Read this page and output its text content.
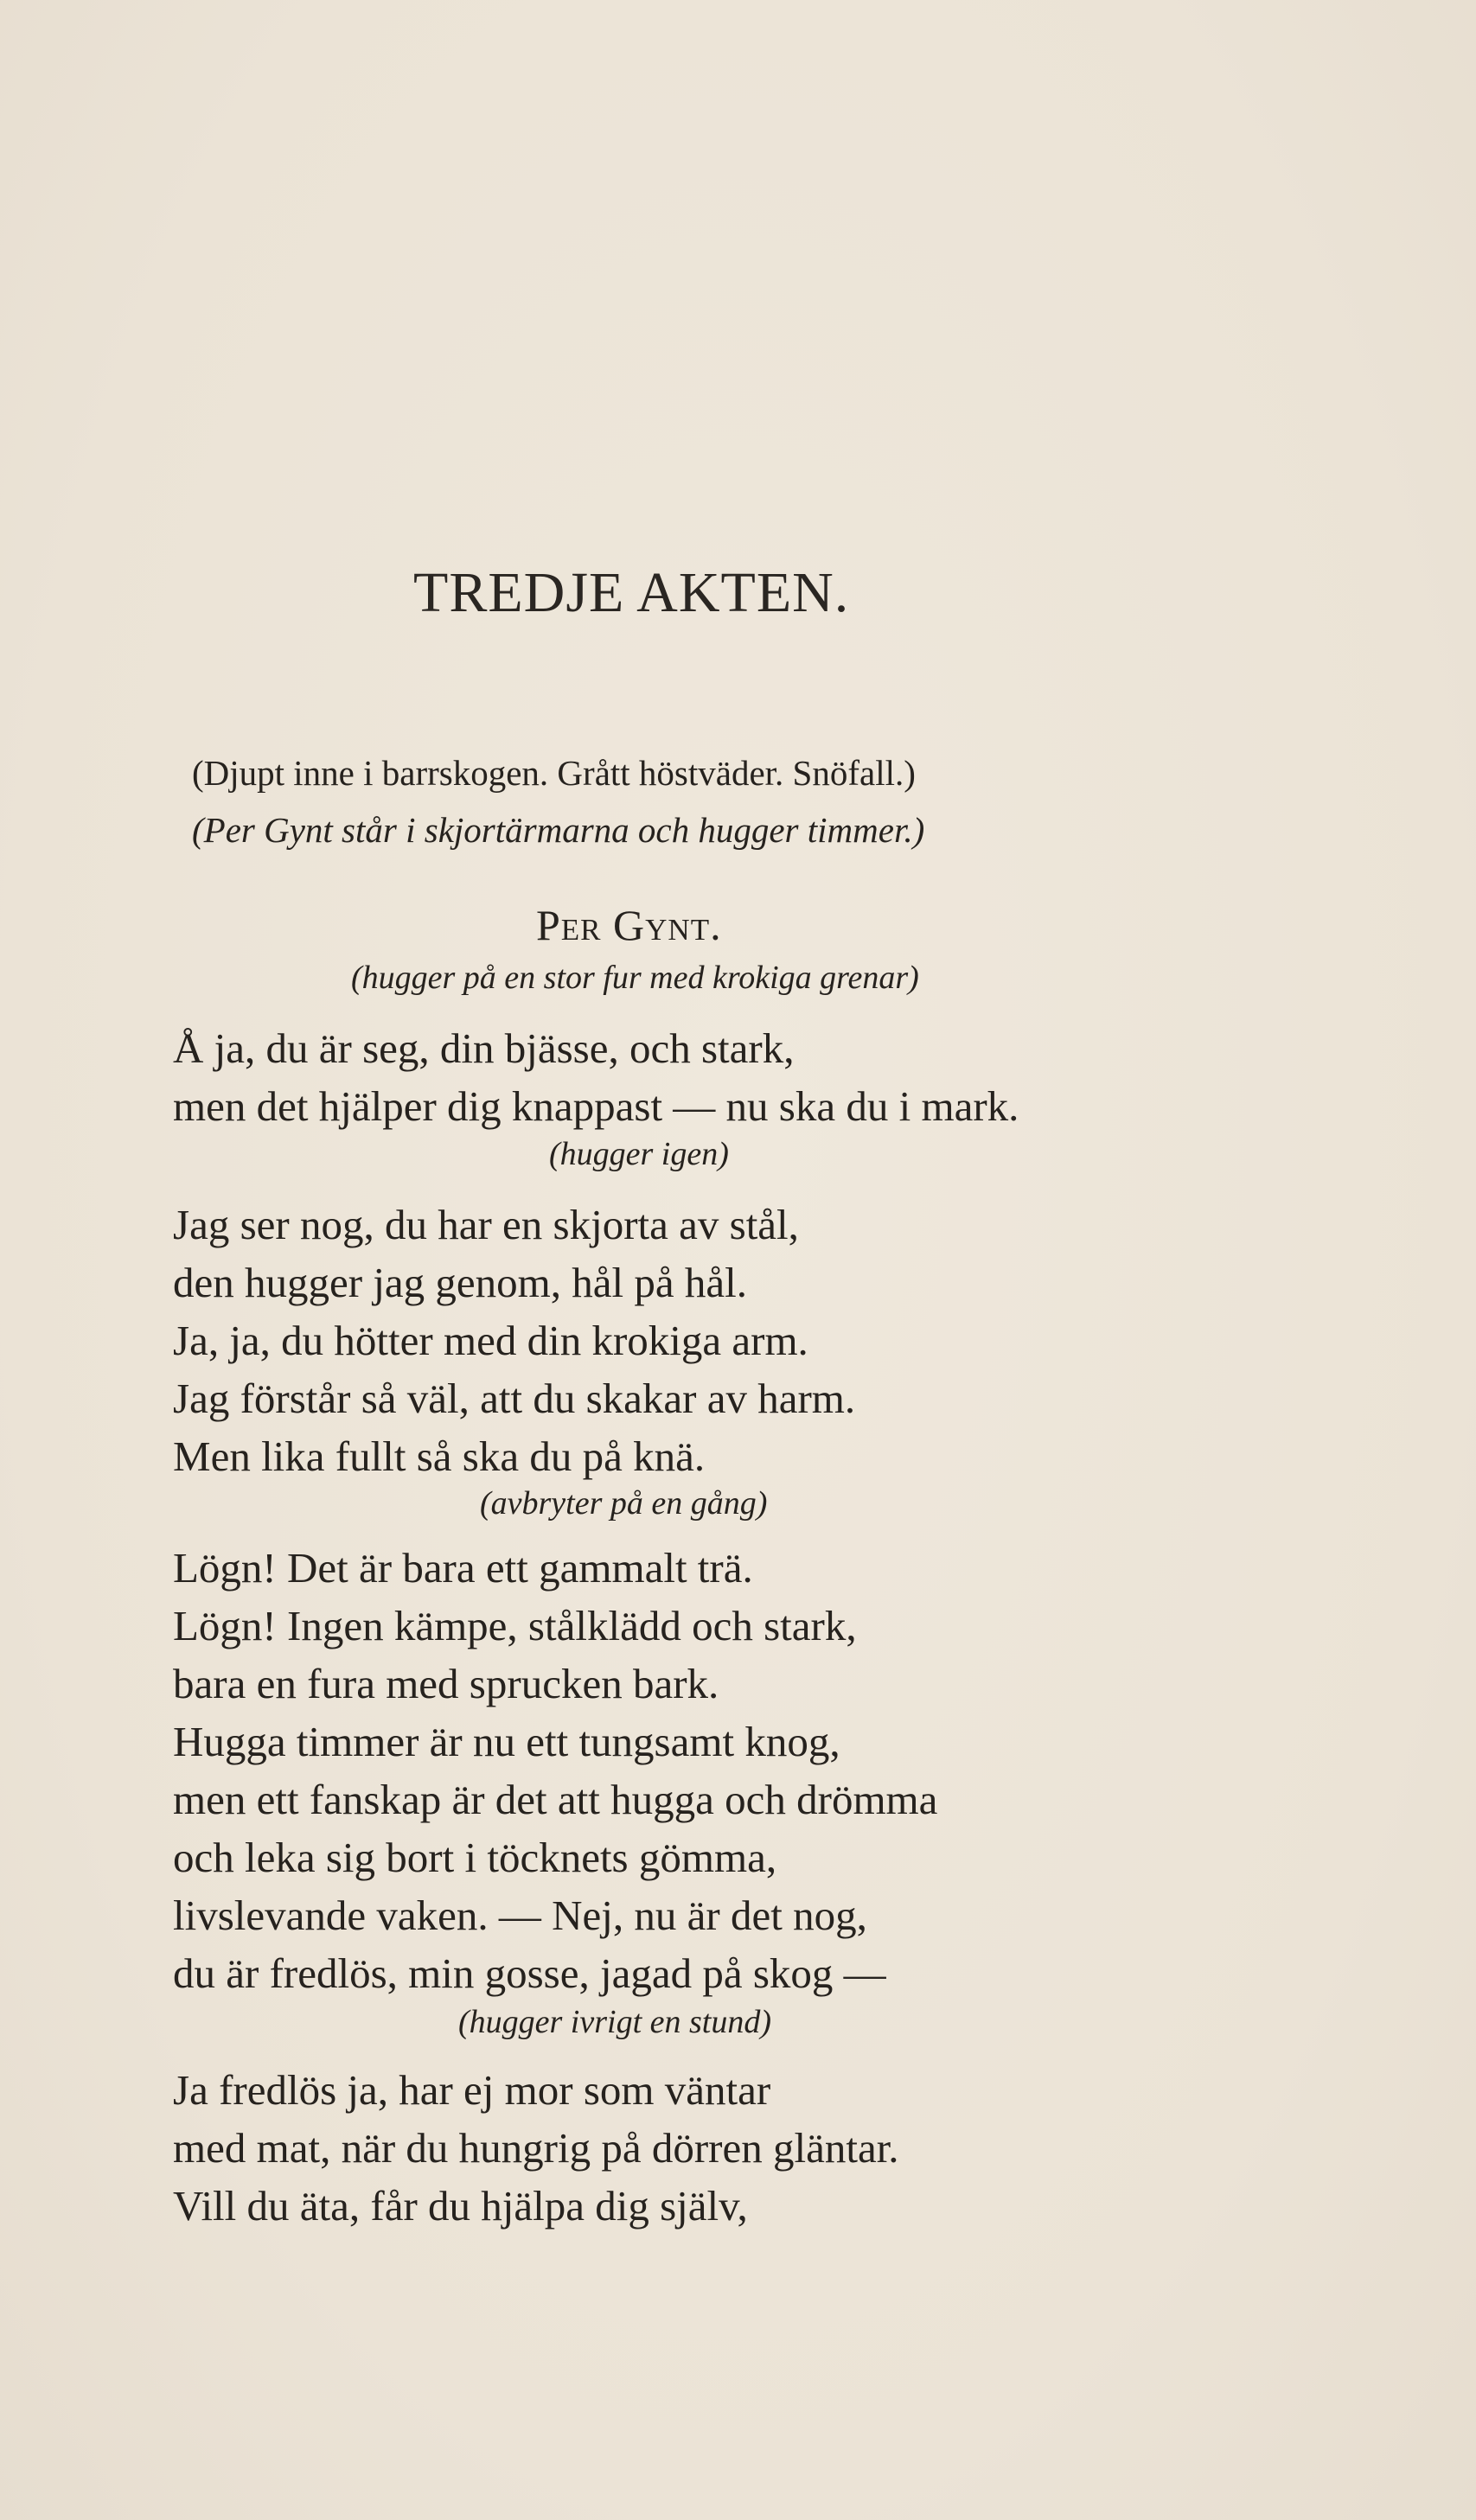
TREDJE AKTEN.
(Djupt inne i barrskogen. Grått höstväder. Snöfall.)
(Per Gynt står i skjortärmarna och hugger timmer.)
Per Gynt.
(hugger på en stor fur med krokiga grenar)
Å ja, du är seg, din bjässe, och stark,
men det hjälper dig knappast — nu ska du i mark.
(hugger igen)
Jag ser nog, du har en skjorta av stål,
den hugger jag genom, hål på hål.
Ja, ja, du hötter med din krokiga arm.
Jag förstår så väl, att du skakar av harm.
Men lika fullt så ska du på knä.
(avbryter på en gång)
Lögn! Det är bara ett gammalt trä.
Lögn! Ingen kämpe, stålklädd och stark,
bara en fura med sprucken bark.
Hugga timmer är nu ett tungsamt knog,
men ett fanskap är det att hugga och drömma
och leka sig bort i töcknets gömma,
livslevande vaken. — Nej, nu är det nog,
du är fredlös, min gosse, jagad på skog —
(hugger ivrigt en stund)
Ja fredlös ja, har ej mor som väntar
med mat, när du hungrig på dörren gläntar.
Vill du äta, får du hjälpa dig själv,
